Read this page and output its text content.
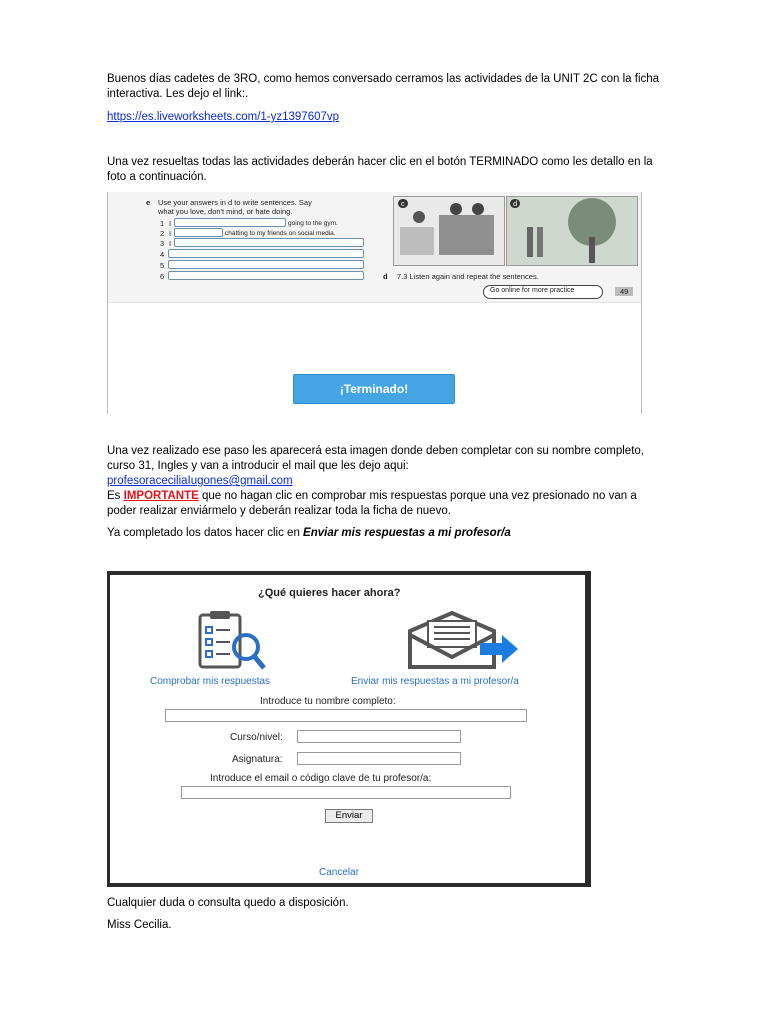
Buenos días cadetes de 3RO, como hemos conversado cerramos las actividades de la UNIT 2C con la ficha interactiva. Les dejo el link:.
https://es.liveworksheets.com/1-yz1397607vp
Una vez resueltas todas las actividades deberán hacer clic en el botón TERMINADO como les detallo en la foto a continuación.
e Use your answers in d to write sentences. Say
what you love, don't mind, or hate doing.
1 I	going to the gym.
2 I	chatting to my friends on social media.
3 I
4
5
6
c	d
d 7.3 Listen again and repeat the sentences.
Go online for more practice	49
¡Terminado!
Una vez realizado ese paso les aparecerá esta imagen donde deben completar con su nombre completo, curso 31, Ingles y van a introducir el mail que les dejo aqui:
profesoraceciliaIugones@gmail.com
Es IMPORTANTE que no hagan clic en comprobar mis respuestas porque una vez presionado no van a poder realizar enviármelo y deberán realizar toda la ficha de nuevo.
Ya completado los datos hacer clic en Enviar mis respuestas a mi profesor/a
¿Qué quieres hacer ahora?
Comprobar mis respuestas	Enviar mis respuestas a mi profesor/a
Introduce tu nombre completo:
Curso/nivel:
Asignatura:
Introduce el email o código clave de tu profesor/a:
Enviar
Cancelar
Cualquier duda o consulta quedo a disposición.
Miss Cecilia.
